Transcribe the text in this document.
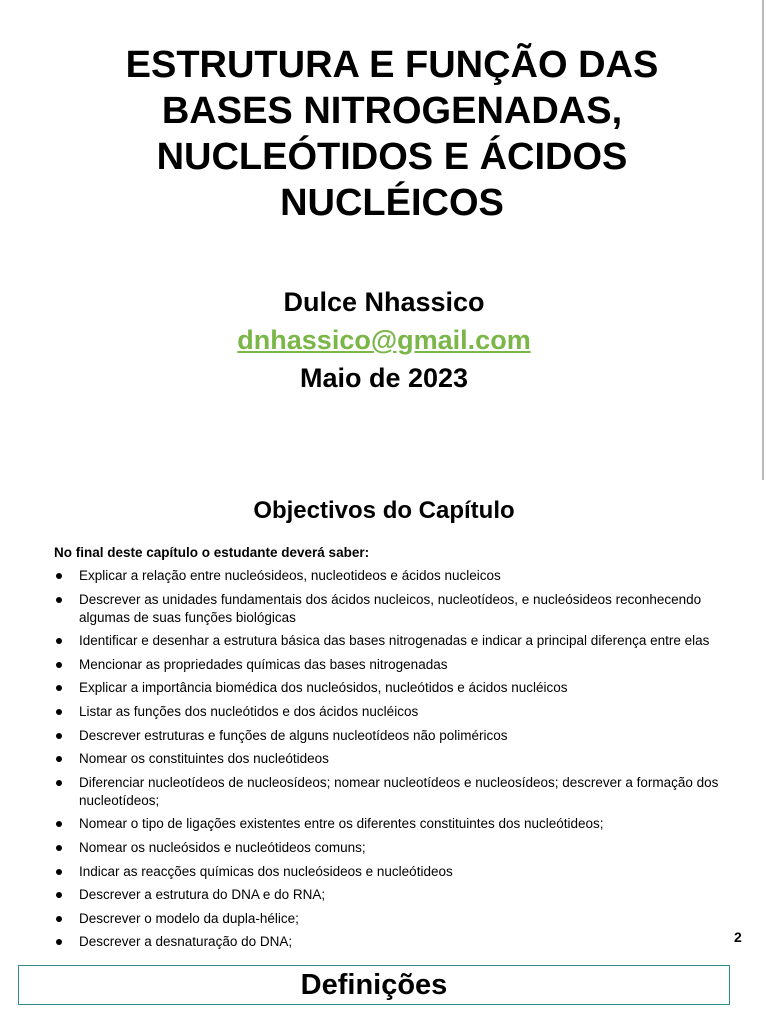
ESTRUTURA E FUNÇÃO DAS
BASES NITROGENADAS,
NUCLEÓTIDOS E ÁCIDOS
NUCLÉICOS
Dulce Nhassico
dnhassico@gmail.com
Maio de 2023
Objectivos do Capítulo
No final deste capítulo o estudante deverá saber:
Explicar a relação entre nucleósideos, nucleotideos e ácidos nucleicos
Descrever as unidades fundamentais dos ácidos nucleicos, nucleotídeos, e nucleósideos reconhecendo algumas de suas funções biológicas
Identificar e desenhar a estrutura básica das bases nitrogenadas e indicar a principal diferença entre elas
Mencionar as propriedades químicas das bases nitrogenadas
Explicar a importância biomédica dos nucleósidos, nucleótidos e ácidos nucléicos
Listar as funções dos nucleótidos e dos ácidos nucléicos
Descrever estruturas e funções de alguns nucleotídeos não poliméricos
Nomear os constituintes dos nucleótideos
Diferenciar nucleotídeos de nucleosídeos; nomear nucleotídeos e nucleosídeos; descrever a formação dos nucleotídeos;
Nomear o tipo de ligações existentes entre os diferentes constituintes dos nucleótideos;
Nomear os nucleósidos e nucleótideos comuns;
Indicar as reacções químicas dos nucleósideos e nucleótideos
Descrever a estrutura do DNA e do RNA;
Descrever o modelo da dupla-hélice;
Descrever a desnaturação do DNA;	2
Definições
